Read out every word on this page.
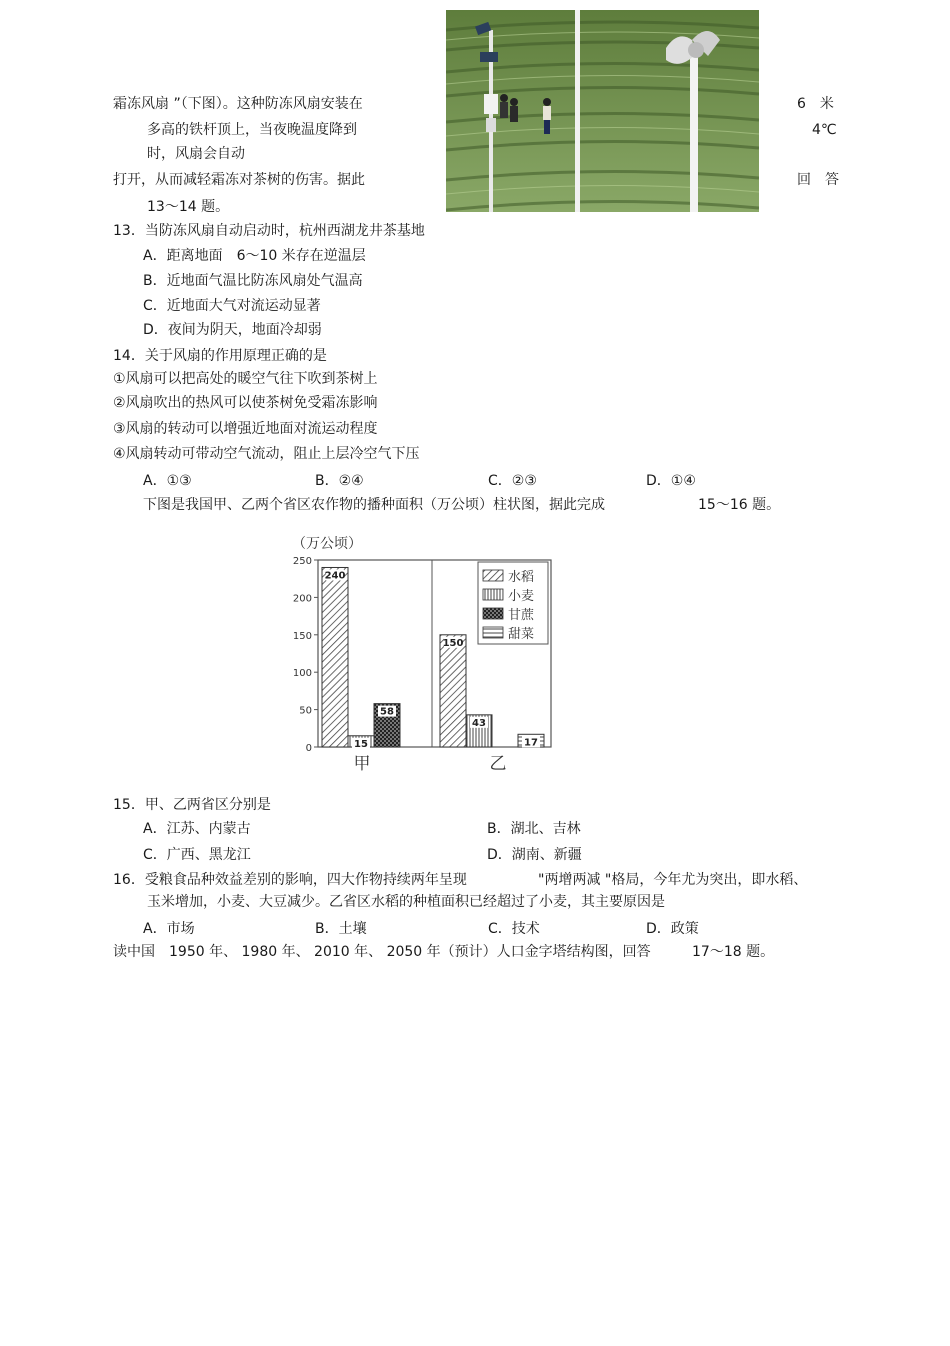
霜冻风扇 ”（下图）。这种防冻风扇安装在	6　米
多高的铁杆顶上，当夜晚温度降到	4℃
时，风扇会自动
打开，从而减轻霜冻对茶树的伤害。据此	回　答
13～14 题。
13．当防冻风扇自动启动时，杭州西湖龙井茶基地
A．距离地面　6～10 米存在逆温层
B．近地面气温比防冻风扇处气温高
C．近地面大气对流运动显著
D．夜间为阴天，地面冷却弱
14．关于风扇的作用原理正确的是
①风扇可以把高处的暖空气往下吹到茶树上
②风扇吹出的热风可以使茶树免受霜冻影响
③风扇的转动可以增强近地面对流运动程度
④风扇转动可带动空气流动，阻止上层冷空气下压
A．①③	B．②④	C．②③	D．①④
下图是我国甲、乙两个省区农作物的播种面积（万公顷）柱状图，据此完成	15～16 题。
（万公顷）
0
50
100
150
200
250
240
15
58
甲
150
43
17
乙
水稻
小麦
甘蔗
甜菜
15．甲、乙两省区分别是
A．江苏、内蒙古	B．湖北、吉林
C．广西、黑龙江	D．湖南、新疆
16．受粮食品种效益差别的影响，四大作物持续两年呈现	"两增两减 "格局，今年尤为突出，即水稻、
玉米增加，小麦、大豆减少。乙省区水稻的种植面积已经超过了小麦，其主要原因是
A．市场	B．土壤	C．技术	D．政策
读中国　1950 年、 1980 年、 2010 年、 2050 年（预计）人口金字塔结构图，回答	17～18 题。
